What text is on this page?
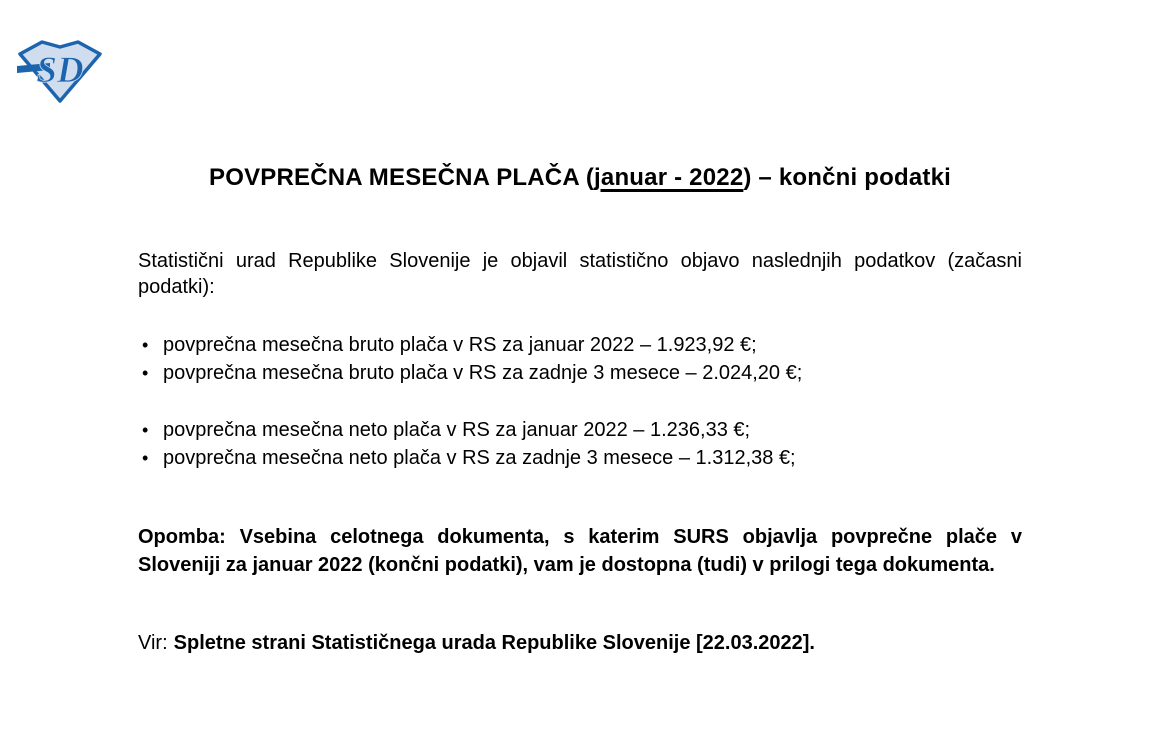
SD
POVPREČNA MESEČNA PLAČA (januar - 2022) – končni podatki
Statistični urad Republike Slovenije je objavil statistično objavo naslednjih podatkov (začasni podatki):
• povprečna mesečna bruto plača v RS za januar 2022 – 1.923,92 €;
• povprečna mesečna bruto plača v RS za zadnje 3 mesece – 2.024,20 €;
• povprečna mesečna neto plača v RS za januar 2022 – 1.236,33 €;
• povprečna mesečna neto plača v RS za zadnje 3 mesece – 1.312,38 €;
Opomba: Vsebina celotnega dokumenta, s katerim SURS objavlja povprečne plače v Sloveniji za januar 2022 (končni podatki), vam je dostopna (tudi) v prilogi tega dokumenta.
Vir: Spletne strani Statističnega urada Republike Slovenije [22.03.2022].
